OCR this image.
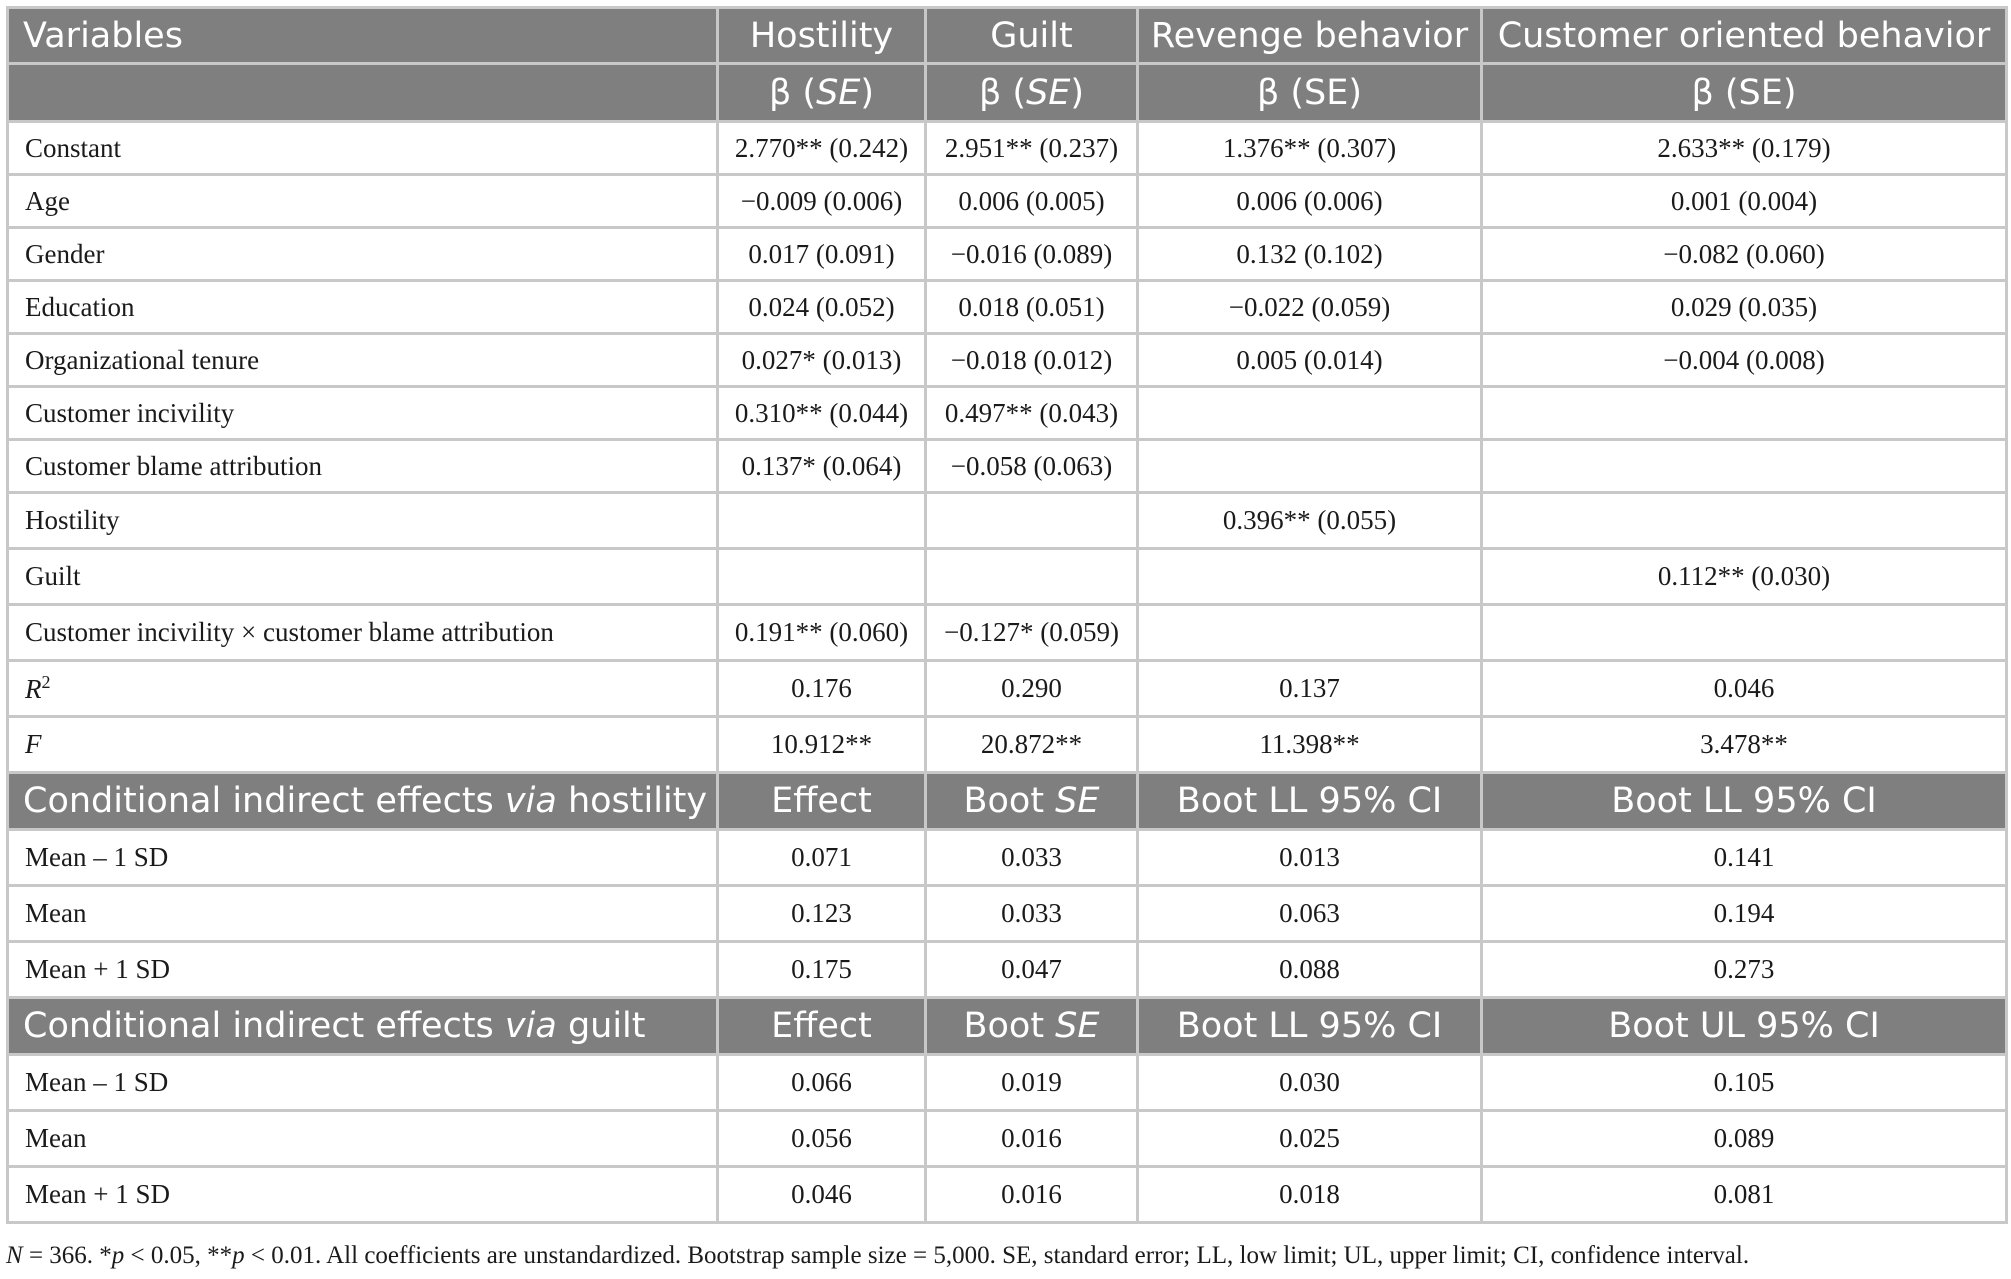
Variables	Hostility	Guilt	Revenge behavior	Customer oriented behavior
	β (SE)	β (SE)	β (SE)	β (SE)
Constant	2.770** (0.242)	2.951** (0.237)	1.376** (0.307)	2.633** (0.179)
Age	−0.009 (0.006)	0.006 (0.005)	0.006 (0.006)	0.001 (0.004)
Gender	0.017 (0.091)	−0.016 (0.089)	0.132 (0.102)	−0.082 (0.060)
Education	0.024 (0.052)	0.018 (0.051)	−0.022 (0.059)	0.029 (0.035)
Organizational tenure	0.027* (0.013)	−0.018 (0.012)	0.005 (0.014)	−0.004 (0.008)
Customer incivility	0.310** (0.044)	0.497** (0.043)		
Customer blame attribution	0.137* (0.064)	−0.058 (0.063)		
Hostility			0.396** (0.055)	
Guilt				0.112** (0.030)
Customer incivility × customer blame attribution	0.191** (0.060)	−0.127* (0.059)		
$R^2$	0.176	0.290	0.137	0.046
F	10.912**	20.872**	11.398**	3.478**
Conditional indirect effects via hostility	Effect	Boot SE	Boot LL 95% CI	Boot LL 95% CI
Mean – 1 SD	0.071	0.033	0.013	0.141
Mean	0.123	0.033	0.063	0.194
Mean + 1 SD	0.175	0.047	0.088	0.273
Conditional indirect effects via guilt	Effect	Boot SE	Boot LL 95% CI	Boot UL 95% CI
Mean – 1 SD	0.066	0.019	0.030	0.105
Mean	0.056	0.016	0.025	0.089
Mean + 1 SD	0.046	0.016	0.018	0.081
N = 366. *p < 0.05, **p < 0.01. All coefficients are unstandardized. Bootstrap sample size = 5,000. SE, standard error; LL, low limit; UL, upper limit; CI, confidence interval.
